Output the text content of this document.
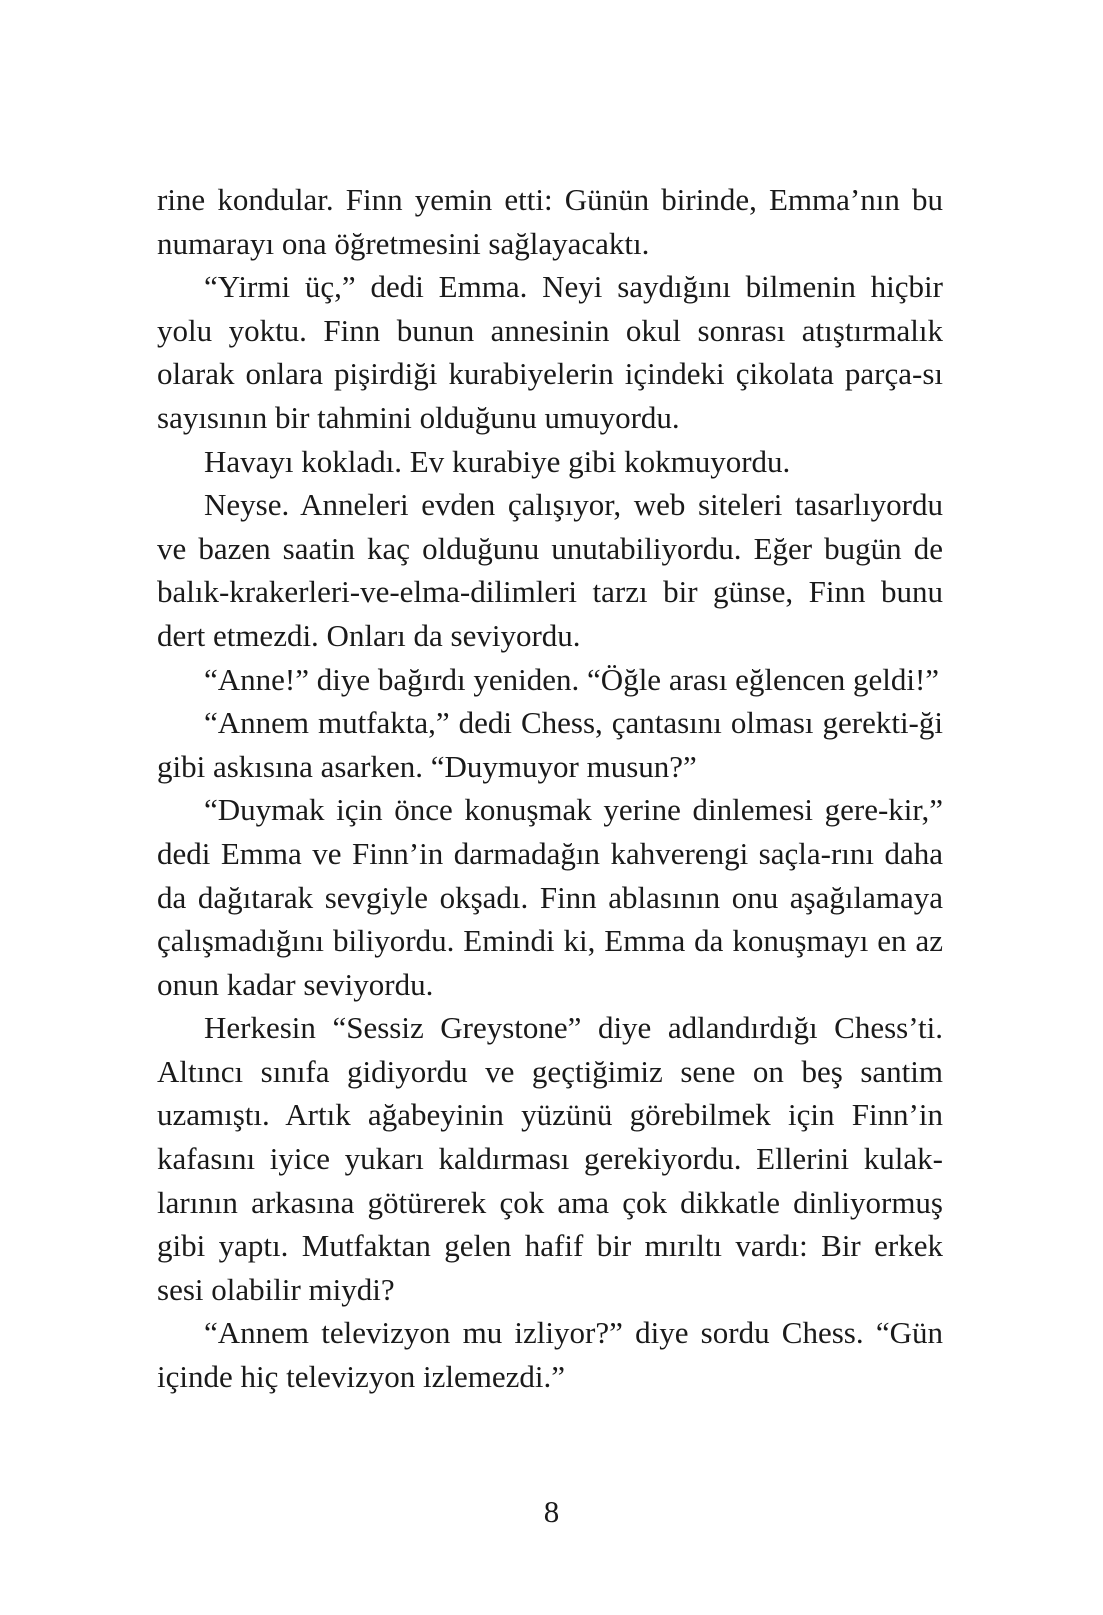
rine kondular. Finn yemin etti: Günün birinde, Emma’nın bu numarayı ona öğretmesini sağlayacaktı.

“Yirmi üç,” dedi Emma. Neyi saydığını bilmenin hiçbir yolu yoktu. Finn bunun annesinin okul sonrası atıştırmalık olarak onlara pişirdiği kurabiyelerin içindeki çikolata parça-sı sayısının bir tahmini olduğunu umuyordu.

Havayı kokladı. Ev kurabiye gibi kokmuyordu.

Neyse. Anneleri evden çalışıyor, web siteleri tasarlıyordu ve bazen saatin kaç olduğunu unutabiliyordu. Eğer bugün de balık-krakerleri-ve-elma-dilimleri tarzı bir günse, Finn bunu dert etmezdi. Onları da seviyordu.

“Anne!” diye bağırdı yeniden. “Öğle arası eğlencen geldi!”

“Annem mutfakta,” dedi Chess, çantasını olması gerekti-ği gibi askısına asarken. “Duymuyor musun?”

“Duymak için önce konuşmak yerine dinlemesi gere-kir,” dedi Emma ve Finn’in darmadağın kahverengi saçla-rını daha da dağıtarak sevgiyle okşadı. Finn ablasının onu aşağılamaya çalışmadığını biliyordu. Emindi ki, Emma da konuşmayı en az onun kadar seviyordu.

Herkesin “Sessiz Greystone” diye adlandırdığı Chess’ti. Altıncı sınıfa gidiyordu ve geçtiğimiz sene on beş santim uzamıştı. Artık ağabeyinin yüzünü görebilmek için Finn’in kafasını iyice yukarı kaldırması gerekiyordu. Ellerini kulak-larının arkasına götürerek çok ama çok dikkatle dinliyormuş gibi yaptı. Mutfaktan gelen hafif bir mırıltı vardı: Bir erkek sesi olabilir miydi?

“Annem televizyon mu izliyor?” diye sordu Chess. “Gün içinde hiç televizyon izlemezdi.”

8
